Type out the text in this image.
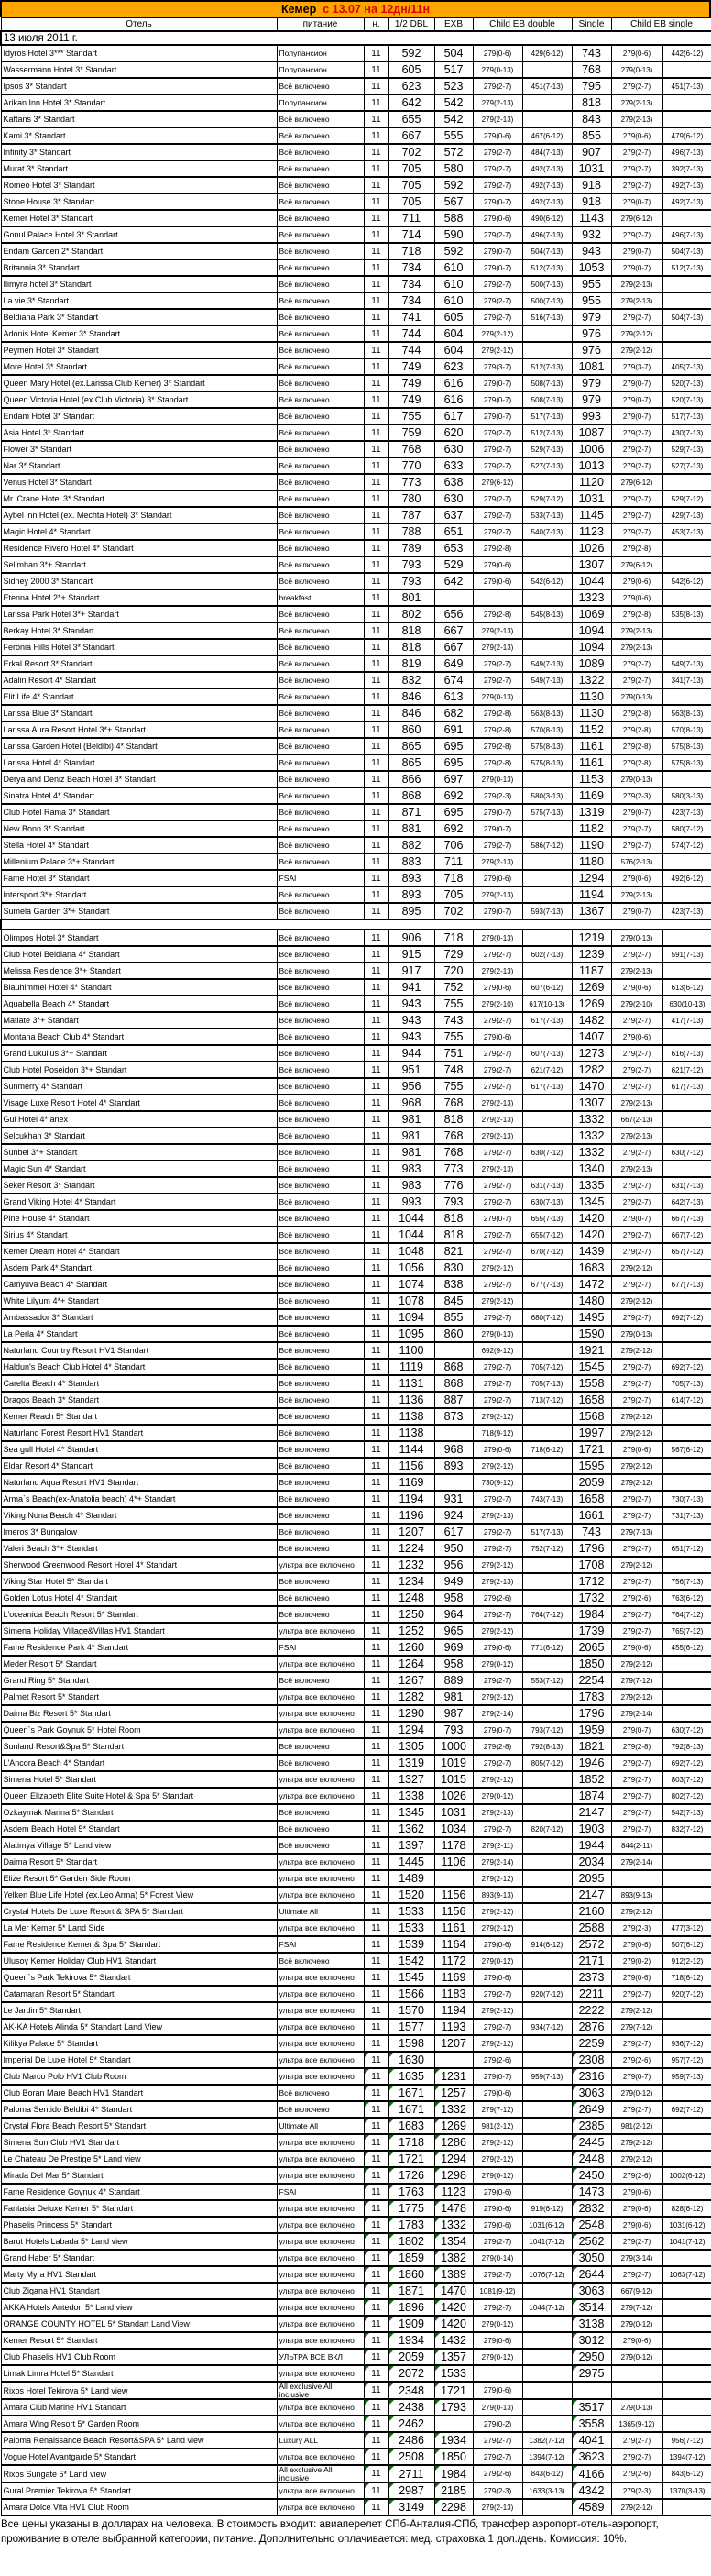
Кемер с 13.07 на 12дн/11н
Отель	питание	н.	1/2 DBL	EXB	Child EB double		Single	Child EB single	
13 июля 2011 г.									
Idyros Hotel 3*** Standart	Полупансион	11	592	504	279(0-6)	429(6-12)	743	279(0-6)	442(6-12)
Wassermann Hotel 3* Standart	Полупансион	11	605	517	279(0-13)		768	279(0-13)	
Ipsos 3* Standart	Всё включено	11	623	523	279(2-7)	451(7-13)	795	279(2-7)	451(7-13)
Arikan Inn Hotel 3* Standart	Полупансион	11	642	542	279(2-13)		818	279(2-13)	
Kaftans 3* Standart	Всё включено	11	655	542	279(2-13)		843	279(2-13)	
Kami 3* Standart	Всё включено	11	667	555	279(0-6)	467(6-12)	855	279(0-6)	479(6-12)
Infinity 3* Standart	Всё включено	11	702	572	279(2-7)	484(7-13)	907	279(2-7)	496(7-13)
Murat 3* Standart	Всё включено	11	705	580	279(2-7)	492(7-13)	1031	279(2-7)	392(7-13)
Romeo Hotel 3* Standart	Всё включено	11	705	592	279(2-7)	492(7-13)	918	279(2-7)	492(7-13)
Stone House 3* Standart	Всё включено	11	705	567	279(0-7)	492(7-13)	918	279(0-7)	492(7-13)
Kemer Hotel 3* Standart	Всё включено	11	711	588	279(0-6)	490(6-12)	1143	279(6-12)	
Gonul Palace Hotel 3* Standart	Всё включено	11	714	590	279(2-7)	496(7-13)	932	279(2-7)	496(7-13)
Endam Garden 2* Standart	Всё включено	11	718	592	279(0-7)	504(7-13)	943	279(0-7)	504(7-13)
Britannia 3* Standart	Всё включено	11	734	610	279(0-7)	512(7-13)	1053	279(0-7)	512(7-13)
Ilimyra hotel 3* Standart	Всё включено	11	734	610	279(2-7)	500(7-13)	955	279(2-13)	
La vie 3* Standart	Всё включено	11	734	610	279(2-7)	500(7-13)	955	279(2-13)	
Beldiana Park 3* Standart	Всё включено	11	741	605	279(2-7)	516(7-13)	979	279(2-7)	504(7-13)
Adonis Hotel Kemer 3* Standart	Всё включено	11	744	604	279(2-12)		976	279(2-12)	
Peymen Hotel 3* Standart	Всё включено	11	744	604	279(2-12)		976	279(2-12)	
More Hotel 3* Standart	Всё включено	11	749	623	279(3-7)	512(7-13)	1081	279(3-7)	405(7-13)
Queen Mary Hotel (ex.Larissa Club Kemer) 3* Standart	Всё включено	11	749	616	279(0-7)	508(7-13)	979	279(0-7)	520(7-13)
Queen Victoria Hotel (ex.Club Victoria) 3* Standart	Всё включено	11	749	616	279(0-7)	508(7-13)	979	279(0-7)	520(7-13)
Endam Hotel 3* Standart	Всё включено	11	755	617	279(0-7)	517(7-13)	993	279(0-7)	517(7-13)
Asia Hotel 3* Standart	Всё включено	11	759	620	279(2-7)	512(7-13)	1087	279(2-7)	430(7-13)
Flower 3* Standart	Всё включено	11	768	630	279(2-7)	529(7-13)	1006	279(2-7)	529(7-13)
Nar 3* Standart	Всё включено	11	770	633	279(2-7)	527(7-13)	1013	279(2-7)	527(7-13)
Venus Hotel 3* Standart	Всё включено	11	773	638	279(6-12)		1120	279(6-12)	
Mr. Crane Hotel 3* Standart	Всё включено	11	780	630	279(2-7)	529(7-12)	1031	279(2-7)	529(7-12)
Aybel inn Hotel (ex. Mechta Hotel) 3* Standart	Всё включено	11	787	637	279(2-7)	533(7-13)	1145	279(2-7)	429(7-13)
Magic Hotel 4* Standart	Всё включено	11	788	651	279(2-7)	540(7-13)	1123	279(2-7)	453(7-13)
Residence Rivero Hotel 4* Standart	Всё включено	11	789	653	279(2-8)		1026	279(2-8)	
Selimhan 3*+ Standart	Всё включено	11	793	529	279(0-6)		1307	279(6-12)	
Sidney 2000 3* Standart	Всё включено	11	793	642	279(0-6)	542(6-12)	1044	279(0-6)	542(6-12)
Etenna Hotel 2*+ Standart	breakfast	11	801				1323	279(0-6)	
Larissa Park Hotel 3*+ Standart	Всё включено	11	802	656	279(2-8)	545(8-13)	1069	279(2-8)	535(8-13)
Berkay Hotel 3* Standart	Всё включено	11	818	667	279(2-13)		1094	279(2-13)	
Feronia Hills Hotel 3* Standart	Всё включено	11	818	667	279(2-13)		1094	279(2-13)	
Erkal Resort 3* Standart	Всё включено	11	819	649	279(2-7)	549(7-13)	1089	279(2-7)	549(7-13)
Adalin Resort 4* Standart	Всё включено	11	832	674	279(2-7)	549(7-13)	1322	279(2-7)	341(7-13)
Elit Life 4* Standart	Всё включено	11	846	613	279(0-13)		1130	279(0-13)	
Larissa Blue 3* Standart	Всё включено	11	846	682	279(2-8)	563(8-13)	1130	279(2-8)	563(8-13)
Larissa Aura Resort Hotel 3*+ Standart	Всё включено	11	860	691	279(2-8)	570(8-13)	1152	279(2-8)	570(8-13)
Larissa Garden Hotel (Beldibi) 4* Standart	Всё включено	11	865	695	279(2-8)	575(8-13)	1161	279(2-8)	575(8-13)
Larissa Hotel 4* Standart	Всё включено	11	865	695	279(2-8)	575(8-13)	1161	279(2-8)	575(8-13)
Derya and Deniz Beach Hotel 3* Standart	Всё включено	11	866	697	279(0-13)		1153	279(0-13)	
Sinatra Hotel 4* Standart	Всё включено	11	868	692	279(2-3)	580(3-13)	1169	279(2-3)	580(3-13)
Club Hotel Rama 3* Standart	Всё включено	11	871	695	279(0-7)	575(7-13)	1319	279(0-7)	423(7-13)
New Bonn 3* Standart	Всё включено	11	881	692	279(0-7)		1182	279(2-7)	580(7-12)
Stella Hotel 4* Standart	Всё включено	11	882	706	279(2-7)	586(7-12)	1190	279(2-7)	574(7-12)
Millenium Palace 3*+ Standart	Всё включено	11	883	711	279(2-13)		1180	576(2-13)	
Fame Hotel 3* Standart	FSAI	11	893	718	279(0-6)		1294	279(0-6)	492(6-12)
Intersport 3*+ Standart	Всё включено	11	893	705	279(2-13)		1194	279(2-13)	
Sumela Garden 3*+ Standart	Всё включено	11	895	702	279(0-7)	593(7-13)	1367	279(0-7)	423(7-13)

Olimpos Hotel 3* Standart	Всё включено	11	906	718	279(0-13)		1219	279(0-13)	
Club Hotel Beldiana 4* Standart	Всё включено	11	915	729	279(2-7)	602(7-13)	1239	279(2-7)	591(7-13)
Melissa Residence 3*+ Standart	Всё включено	11	917	720	279(2-13)		1187	279(2-13)	
Blauhimmel Hotel 4* Standart	Всё включено	11	941	752	279(0-6)	607(6-12)	1269	279(0-6)	613(6-12)
Aquabella Beach 4* Standart	Всё включено	11	943	755	279(2-10)	617(10-13)	1269	279(2-10)	630(10-13)
Matiate 3*+ Standart	Всё включено	11	943	743	279(2-7)	617(7-13)	1482	279(2-7)	417(7-13)
Montana Beach Club 4* Standart	Всё включено	11	943	755	279(0-6)		1407	279(0-6)	
Grand Lukullus 3*+ Standart	Всё включено	11	944	751	279(2-7)	607(7-13)	1273	279(2-7)	616(7-13)
Club Hotel Poseidon 3*+ Standart	Всё включено	11	951	748	279(2-7)	621(7-12)	1282	279(2-7)	621(7-12)
Sunmerry 4* Standart	Всё включено	11	956	755	279(2-7)	617(7-13)	1470	279(2-7)	617(7-13)
Visage Luxe Resort Hotel 4* Standart	Всё включено	11	968	768	279(2-13)		1307	279(2-13)	
Gul Hotel 4* anex	Всё включено	11	981	818	279(2-13)		1332	667(2-13)	
Selcukhan 3* Standart	Всё включено	11	981	768	279(2-13)		1332	279(2-13)	
Sunbel 3*+ Standart	Всё включено	11	981	768	279(2-7)	630(7-12)	1332	279(2-7)	630(7-12)
Magic Sun 4* Standart	Всё включено	11	983	773	279(2-13)		1340	279(2-13)	
Seker Resort 3* Standart	Всё включено	11	983	776	279(2-7)	631(7-13)	1335	279(2-7)	631(7-13)
Grand Viking Hotel 4* Standart	Всё включено	11	993	793	279(2-7)	630(7-13)	1345	279(2-7)	642(7-13)
Pine House 4* Standart	Всё включено	11	1044	818	279(0-7)	655(7-13)	1420	279(0-7)	667(7-13)
Sirius 4* Standart	Всё включено	11	1044	818	279(2-7)	655(7-12)	1420	279(2-7)	667(7-12)
Kemer Dream Hotel 4* Standart	Всё включено	11	1048	821	279(2-7)	670(7-12)	1439	279(2-7)	657(7-12)
Asdem Park 4* Standart	Всё включено	11	1056	830	279(2-12)		1683	279(2-12)	
Camyuva Beach 4* Standart	Всё включено	11	1074	838	279(2-7)	677(7-13)	1472	279(2-7)	677(7-13)
White Lilyum 4*+ Standart	Всё включено	11	1078	845	279(2-12)		1480	279(2-12)	
Ambassador 3* Standart	Всё включено	11	1094	855	279(2-7)	680(7-12)	1495	279(2-7)	692(7-12)
La Perla 4* Standart	Всё включено	11	1095	860	279(0-13)		1590	279(0-13)	
Naturland Country Resort HV1 Standart	Всё включено	11	1100		692(9-12)		1921	279(2-12)	
Haldun's Beach Club Hotel 4* Standart	Всё включено	11	1119	868	279(2-7)	705(7-12)	1545	279(2-7)	692(7-12)
Carelta Beach 4* Standart	Всё включено	11	1131	868	279(2-7)	705(7-13)	1558	279(2-7)	705(7-13)
Dragos Beach 3* Standart	Всё включено	11	1136	887	279(2-7)	713(7-12)	1658	279(2-7)	614(7-12)
Kemer Reach 5* Standart	Всё включено	11	1138	873	279(2-12)		1568	279(2-12)	
Naturland Forest Resort HV1 Standart	Всё включено	11	1138		718(9-12)		1997	279(2-12)	
Sea gull Hotel 4* Standart	Всё включено	11	1144	968	279(0-6)	718(6-12)	1721	279(0-6)	567(6-12)
Eldar Resort 4* Standart	Всё включено	11	1156	893	279(2-12)		1595	279(2-12)	
Naturland Aqua Resort HV1 Standart	Всё включено	11	1169		730(9-12)		2059	279(2-12)	
Arma`s Beach(ex-Anatolia beach) 4*+ Standart	Всё включено	11	1194	931	279(2-7)	743(7-13)	1658	279(2-7)	730(7-13)
Viking Nona Beach 4* Standart	Всё включено	11	1196	924	279(2-13)		1661	279(2-7)	731(7-13)
Imeros 3* Bungalow	Всё включено	11	1207	617	279(2-7)	517(7-13)	743	279(7-13)	
Valeri Beach 3*+ Standart	Всё включено	11	1224	950	279(2-7)	752(7-12)	1796	279(2-7)	651(7-12)
Sherwood Greenwood Resort Hotel 4* Standart	ультра все включено	11	1232	956	279(2-12)		1708	279(2-12)	
Viking Star Hotel 5* Standart	Всё включено	11	1234	949	279(2-13)		1712	279(2-7)	756(7-13)
Golden Lotus Hotel 4* Standart	Всё включено	11	1248	958	279(2-6)		1732	279(2-6)	763(6-12)
L'oceanica Beach Resort 5* Standart	Всё включено	11	1250	964	279(2-7)	764(7-12)	1984	279(2-7)	764(7-12)
Simena Holiday Village&Villas HV1 Standart	ультра все включено	11	1252	965	279(2-12)		1739	279(2-7)	765(7-12)
Fame Residence Park 4* Standart	FSAI	11	1260	969	279(0-6)	771(6-12)	2065	279(0-6)	455(6-12)
Meder Resort 5* Standart	ультра все включено	11	1264	958	279(0-12)		1850	279(2-12)	
Grand Ring 5* Standart	Всё включено	11	1267	889	279(2-7)	553(7-12)	2254	279(7-12)	
Palmet Resort 5* Standart	ультра все включено	11	1282	981	279(2-12)		1783	279(2-12)	
Daima Biz Resort 5* Standart	ультра все включено	11	1290	987	279(2-14)		1796	279(2-14)	
Queen`s Park Goynuk 5* Hotel Room	ультра все включено	11	1294	793	279(0-7)	793(7-12)	1959	279(0-7)	630(7-12)
Sunland Resort&Spa 5* Standart	Всё включено	11	1305	1000	279(2-8)	792(8-13)	1821	279(2-8)	792(8-13)
L'Ancora Beach 4* Standart	Всё включено	11	1319	1019	279(2-7)	805(7-12)	1946	279(2-7)	692(7-12)
Simena Hotel 5* Standart	ультра все включено	11	1327	1015	279(2-12)		1852	279(2-7)	803(7-12)
Queen Elizabeth Elite Suite Hotel & Spa 5* Standart	ультра все включено	11	1338	1026	279(0-12)		1874	279(2-7)	802(7-12)
Ozkaymak Marina 5* Standart	Всё включено	11	1345	1031	279(2-13)		2147	279(2-7)	542(7-13)
Asdem Beach Hotel 5* Standart	Всё включено	11	1362	1034	279(2-7)	820(7-12)	1903	279(2-7)	832(7-12)
Alatimya Village 5* Land view	Всё включено	11	1397	1178	279(2-11)		1944	844(2-11)	
Daima Resort 5* Standart	ультра все включено	11	1445	1106	279(2-14)		2034	279(2-14)	
Elize Resort 5* Garden Side Room	ультра все включено	11	1489		279(2-12)		2095		
Yelken Blue Life Hotel (ex.Leo Arma) 5* Forest View	ультра все включено	11	1520	1156	893(9-13)		2147	893(9-13)	
Crystal Hotels De Luxe Resort & SPA 5* Standart	Ultimate All	11	1533	1156	279(2-12)		2160	279(2-12)	
La Mer Kemer 5* Land Side	ультра все включено	11	1533	1161	279(2-12)		2588	279(2-3)	477(3-12)
Fame Residence Kemer & Spa 5* Standart	FSAI	11	1539	1164	279(0-6)	914(6-12)	2572	279(0-6)	507(6-12)
Ulusoy Kemer Holiday Club HV1 Standart	Всё включено	11	1542	1172	279(0-12)		2171	279(0-2)	912(2-12)
Queen`s Park Tekirova 5* Standart	ультра все включено	11	1545	1169	279(0-6)		2373	279(0-6)	718(6-12)
Catamaran Resort 5* Standart	ультра все включено	11	1566	1183	279(2-7)	920(7-12)	2211	279(2-7)	920(7-12)
Le Jardin 5* Standart	ультра все включено	11	1570	1194	279(2-12)		2222	279(2-12)	
AK-KA Hotels Alinda 5* Standart Land View	ультра все включено	11	1577	1193	279(2-7)	934(7-12)	2876	279(7-12)	
Kilikya Palace 5* Standart	ультра все включено	11	1598	1207	279(2-12)		2259	279(2-7)	936(7-12)
Imperial De Luxe Hotel 5* Standart	ультра все включено	11	1630		279(2-6)		2308	279(2-6)	957(7-12)
Club Marco Polo HV1 Club Room	ультра все включено	11	1635	1231	279(0-7)	959(7-13)	2316	279(0-7)	959(7-13)
Club Boran Mare Beach HV1 Standart	Всё включено	11	1671	1257	279(0-6)		3063	279(0-12)	
Paloma Sentido Beldibi 4* Standart	Всё включено	11	1671	1332	279(7-12)		2649	279(2-7)	692(7-12)
Crystal Flora Beach Resort 5* Standart	Ultimate All	11	1683	1269	981(2-12)		2385	981(2-12)	
Simena Sun Club HV1 Standart	ультра все включено	11	1718	1286	279(2-12)		2445	279(2-12)	
Le Chateau De Prestige 5* Land view	ультра все включено	11	1721	1294	279(2-12)		2448	279(2-12)	
Mirada Del Mar 5* Standart	ультра все включено	11	1726	1298	279(0-12)		2450	279(2-6)	1002(6-12)
Fame Residence Goynuk 4* Standart	FSAI	11	1763	1123	279(0-6)		1473	279(0-6)	
Fantasia Deluxe Kemer 5* Standart	ультра все включено	11	1775	1478	279(0-6)	919(6-12)	2832	279(0-6)	828(6-12)
Phaselis Princess 5* Standart	ультра все включено	11	1783	1332	279(0-6)	1031(6-12)	2548	279(0-6)	1031(6-12)
Barut Hotels Labada 5* Land view	ультра все включено	11	1802	1354	279(2-7)	1041(7-12)	2562	279(2-7)	1041(7-12)
Grand Haber 5* Standart	ультра все включено	11	1859	1382	279(0-14)		3050	279(3-14)	
Marty Myra HV1 Standart	ультра все включено	11	1860	1389	279(2-7)	1076(7-12)	2644	279(2-7)	1063(7-12)
Club Zigana HV1 Standart	ультра все включено	11	1871	1470	1081(9-12)		3063	667(9-12)	
AKKA Hotels Antedon 5* Land view	ультра все включено	11	1896	1420	279(2-7)	1044(7-12)	3514	279(7-12)	
ORANGE COUNTY HOTEL 5* Standart Land View	ультра все включено	11	1909	1420	279(0-12)		3138	279(0-12)	
Kemer Resort 5* Standart	ультра все включено	11	1934	1432	279(0-6)		3012	279(0-6)	
Club Phaselis HV1 Club Room	УЛЬТРА ВСЕ ВКЛ	11	2059	1357	279(0-12)		2950	279(0-12)	
Limak Limra Hotel 5* Standart	ультра все включено	11	2072	1533			2975		
Rixos Hotel Tekirova 5* Land view	All exclusive All inclusive	11	2348	1721	279(0-6)				
Amara Club Marine HV1 Standart	ультра все включено	11	2438	1793	279(0-13)		3517	279(0-13)	
Amara Wing Resort 5* Garden Room	ультра все включено	11	2462		279(0-2)		3558	1365(9-12)	
Paloma Renaissance Beach Resort&SPA 5* Land view	Luxury ALL	11	2486	1934	279(2-7)	1382(7-12)	4041	279(2-7)	956(7-12)
Vogue Hotel Avantgarde 5* Standart	ультра все включено	11	2508	1850	279(2-7)	1394(7-12)	3623	279(2-7)	1394(7-12)
Rixos Sungate 5* Land view	All exclusive All inclusive	11	2711	1984	279(2-6)	843(6-12)	4166	279(2-6)	843(6-12)
Gural Premier Tekirova 5* Standart	ультра все включено	11	2987	2185	279(2-3)	1633(3-13)	4342	279(2-3)	1370(3-13)
Amara Dolce Vita HV1 Club Room	ультра все включено	11	3149	2298	279(2-13)		4589	279(2-12)	
Все цены указаны в долларах на человека. В стоимость входит: авиаперелет СПб-Анталия-СПб, трансфер аэропорт-отель-аэропорт, проживание в отеле выбранной категории, питание. Дополнительно оплачивается: мед. страховка 1 дол./день. Комиссия: 10%.
